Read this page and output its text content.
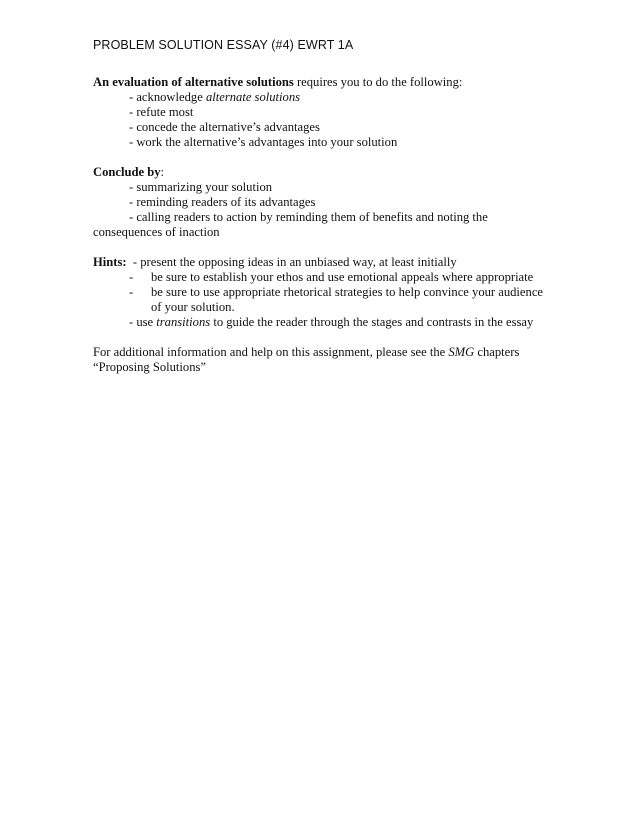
PROBLEM SOLUTION ESSAY (#4) EWRT 1A
An evaluation of alternative solutions requires you to do the following:
- acknowledge alternate solutions
- refute most
- concede the alternative’s advantages
- work the alternative’s advantages into your solution
Conclude by:
- summarizing your solution
- reminding readers of its advantages
- calling readers to action by reminding them of benefits and noting the
consequences of inaction
Hints:  - present the opposing ideas in an unbiased way, at least initially
- be sure to establish your ethos and use emotional appeals where appropriate
- be sure to use appropriate rhetorical strategies to help convince your audience
of your solution.
- use transitions to guide the reader through the stages and contrasts in the essay
For additional information and help on this assignment, please see the SMG chapters
“Proposing Solutions”
